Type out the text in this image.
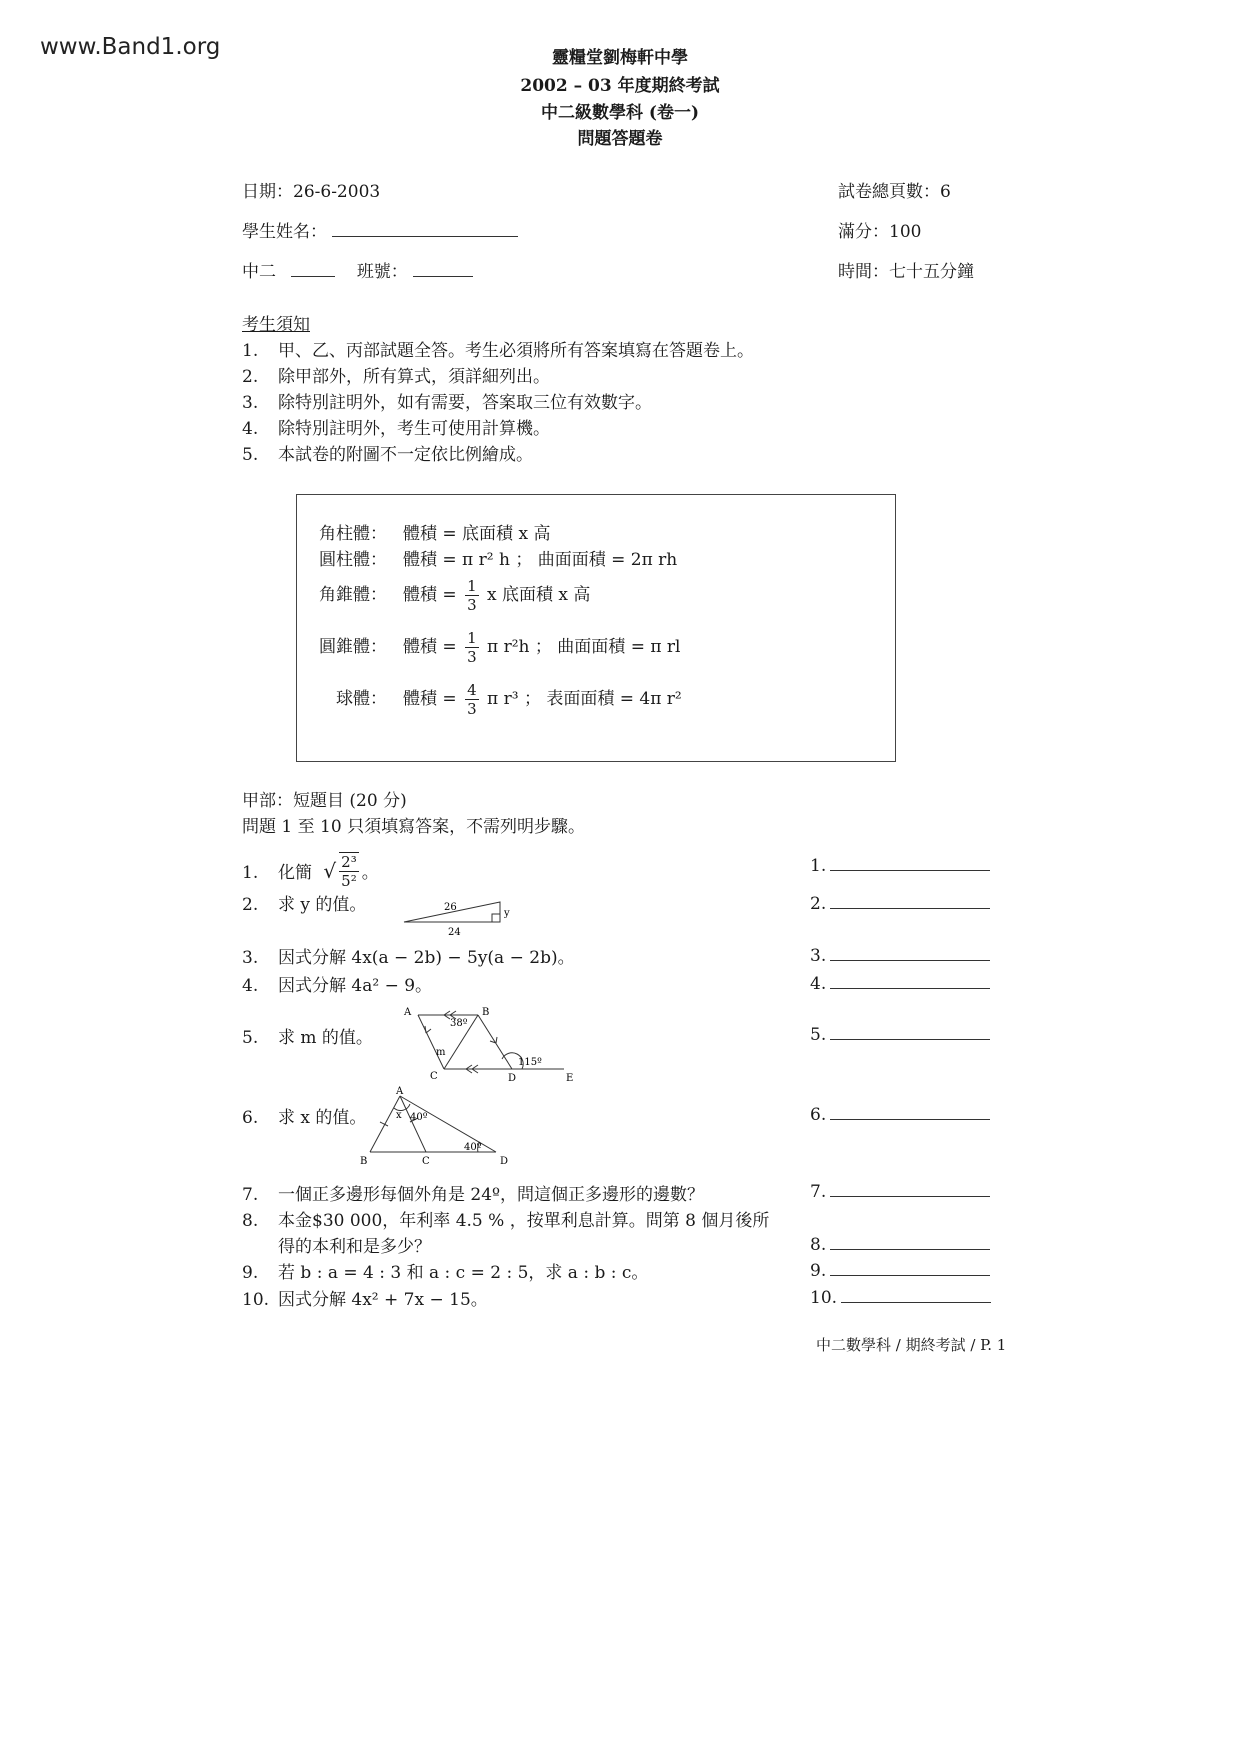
www.Band1.org	靈糧堂劉梅軒中學
2002 – 03 年度期終考試
中二級數學科 (卷一)
問題答題卷
日期：26-6-2003	試卷總頁數：6
學生姓名：	滿分：100
中二	班號：	時間：七十五分鐘
考生須知
1. 甲、乙、丙部試題全答。考生必須將所有答案填寫在答題卷上。
2. 除甲部外，所有算式，須詳細列出。
3. 除特別註明外，如有需要，答案取三位有效數字。
4. 除特別註明外，考生可使用計算機。
5. 本試卷的附圖不一定依比例繪成。
角柱體： 體積 = 底面積 x 高
圓柱體： 體積 = π r² h ； 曲面面積 = 2π rh
角錐體： 體積 = $\frac{1}{3}$ x 底面積 x 高
圓錐體： 體積 = $\frac{1}{3}$ π r²h ； 曲面面積 = π rl
球體： 體積 = $\frac{4}{3}$ π r³ ； 表面面積 = 4π r²
甲部：短題目 (20 分)
問題 1 至 10 只須填寫答案，不需列明步驟。
1. 化簡 √ $\frac{\text{2³}}{\text{5²}}$ 。
2. 求 y 的值。	26
24
y
3. 因式分解 4x(a − 2b) − 5y(a − 2b)。
4. 因式分解 4a² − 9。
5. 求 m 的值。
A	B
C	D	E
38º
m
115º
6. 求 x 的值。
A
B	C	D
x 40º
40º
7. 一個正多邊形每個外角是 24º，問這個正多邊形的邊數？
8. 本金$30 000，年利率 4.5 % ，按單利息計算。問第 8 個月後所
得的本利和是多少？
9. 若 b : a = 4 : 3 和 a : c = 2 : 5，求 a : b : c。
10. 因式分解 4x² + 7x − 15。
1.
2.
3.
4.
5.
6.
7.
8.
9.
10.
中二數學科 / 期終考試 / P. 1
